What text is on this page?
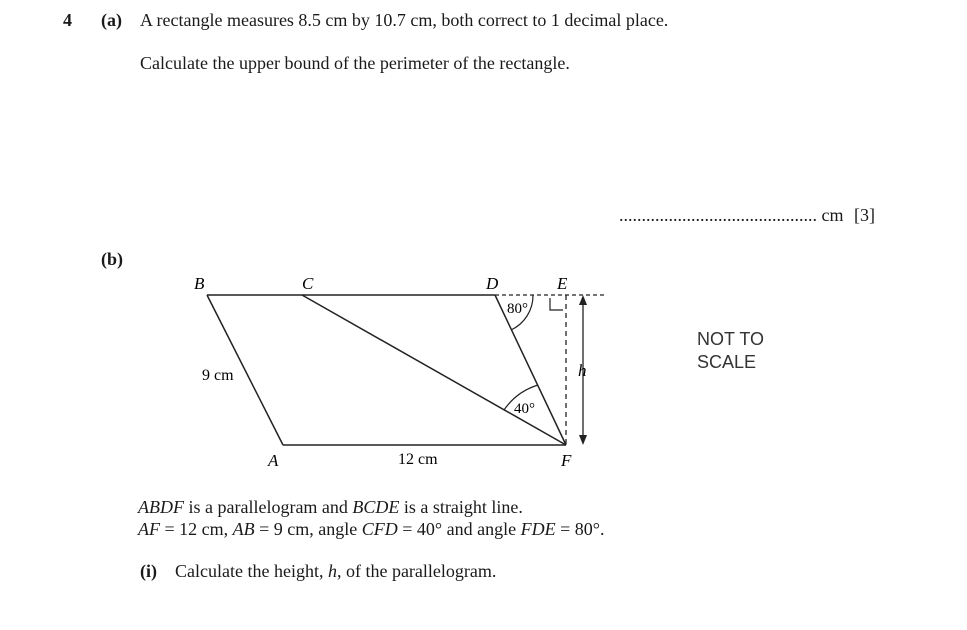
4 (a) A rectangle measures 8.5 cm by 10.7 cm, both correct to 1 decimal place.
Calculate the upper bound of the perimeter of the rectangle.
............................................ cm [3]
(b)
B	C	D	E
A	F
9 cm
12 cm
80°
40°
h
NOT TO
SCALE
ABDF is a parallelogram and BCDE is a straight line.
AF = 12 cm, AB = 9 cm, angle CFD = 40° and angle FDE = 80°.
(i) Calculate the height, h, of the parallelogram.
